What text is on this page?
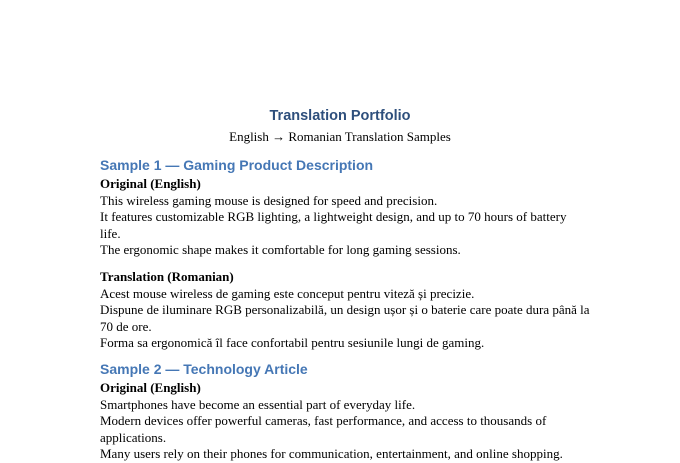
Translation Portfolio
English → Romanian Translation Samples
Sample 1 — Gaming Product Description
Original (English)
This wireless gaming mouse is designed for speed and precision.
It features customizable RGB lighting, a lightweight design, and up to 70 hours of battery life.
The ergonomic shape makes it comfortable for long gaming sessions.
Translation (Romanian)
Acest mouse wireless de gaming este conceput pentru viteză și precizie.
Dispune de iluminare RGB personalizabilă, un design ușor și o baterie care poate dura până la 70 de ore.
Forma sa ergonomică îl face confortabil pentru sesiunile lungi de gaming.
Sample 2 — Technology Article
Original (English)
Smartphones have become an essential part of everyday life.
Modern devices offer powerful cameras, fast performance, and access to thousands of applications.
Many users rely on their phones for communication, entertainment, and online shopping.
